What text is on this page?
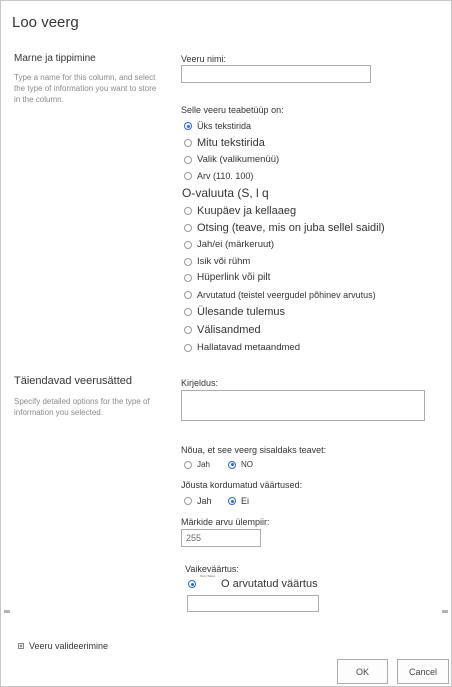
Loo veerg
Marne ja tippimine
Type a name for this column, and select the type of information you want to store in the column.
Veeru nimi:
Selle veeru teabetüüp on:
Üks tekstirida
Mitu tekstirida
Valik (valikumenüü)
Arv (110. 100)
O-valuuta (S, l q
Kuupäev ja kellaaeg
Otsing (teave, mis on juba sellel saidil)
Jah/ei (märkeruut)
Isik või rühm
Hüperlink või pilt
Arvutatud (teistel veergudel põhinev arvutus)
Ülesande tulemus
Välisandmed
Hallatavad metaandmed
Täiendavad veerusätted
Specify detailed options for the type of information you selected.
Kirjeldus:
Nõua, et see veerg sisaldaks teavet:
Jah	NO
Jõusta kordumatud väärtused:
Jah	Ei
Märkide arvu ülempiir:
255
Vaikeväärtus:
Text (Tekst)
O arvutatud väärtus
Veeru valideerimine
OK	Cancel
